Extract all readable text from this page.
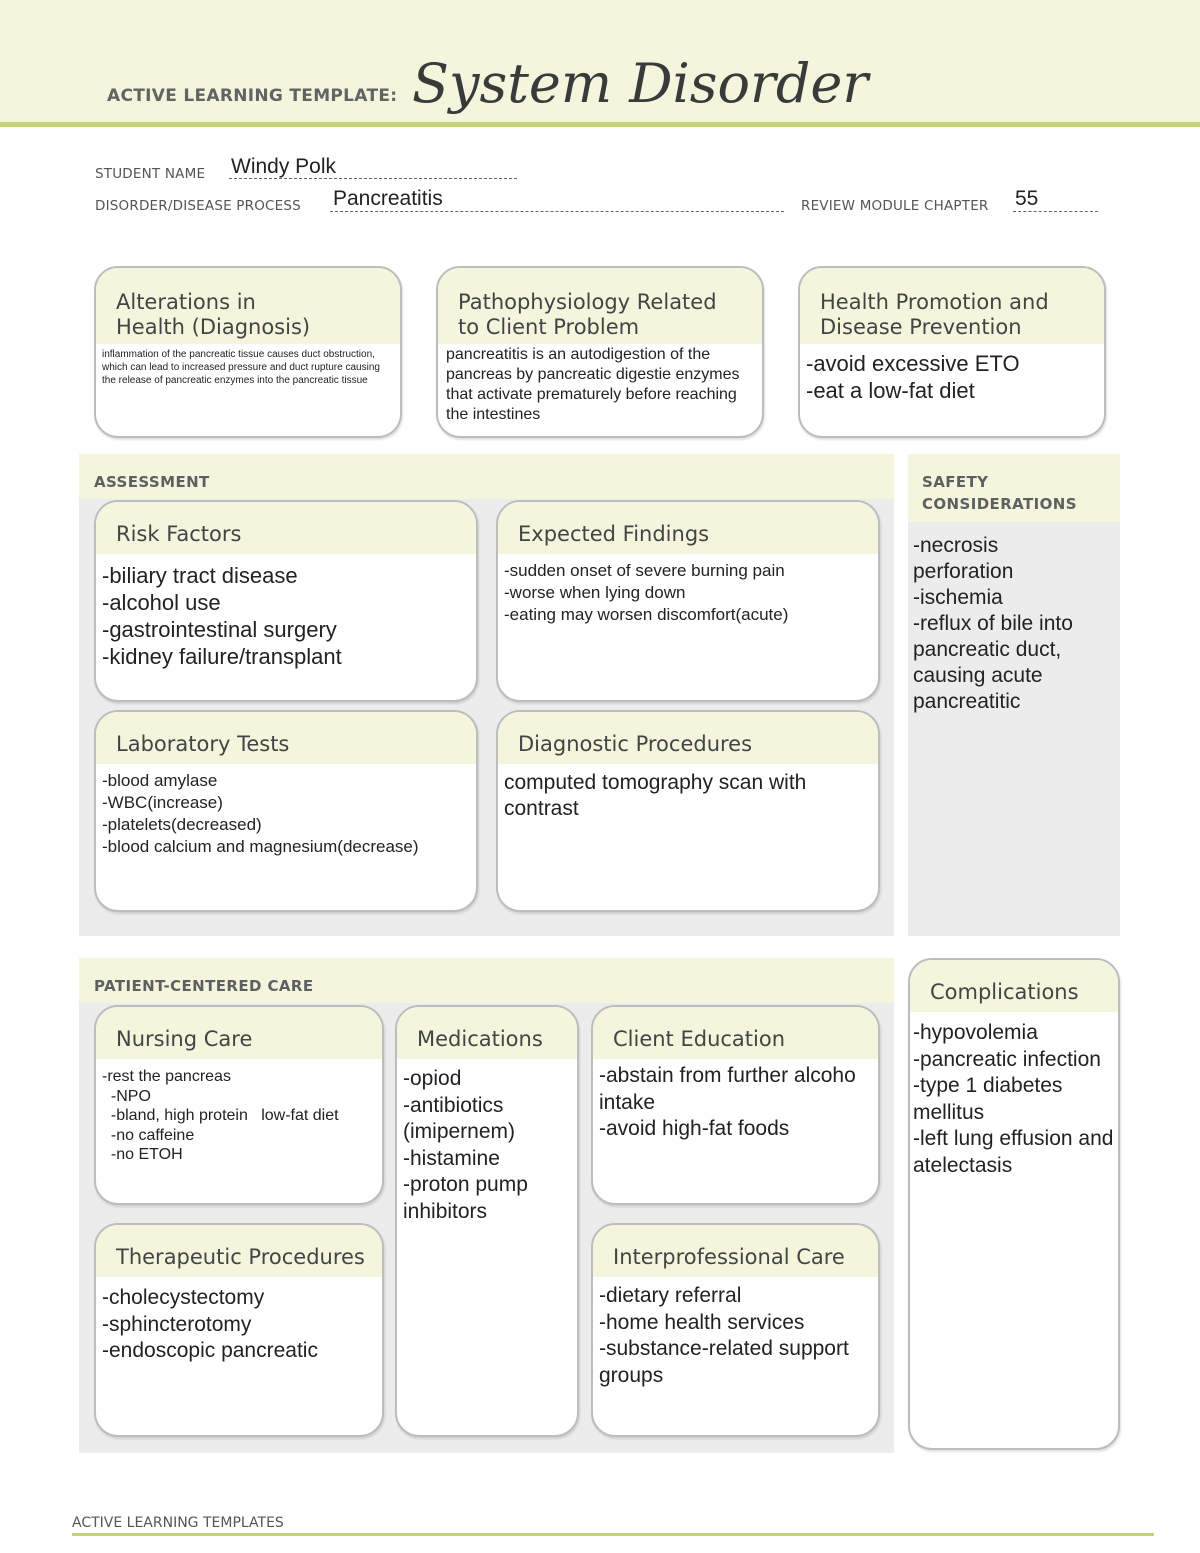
ACTIVE LEARNING TEMPLATE: System Disorder
STUDENT NAME Windy Polk
DISORDER/DISEASE PROCESS Pancreatitis	REVIEW MODULE CHAPTER 55
Alterations in
Health (Diagnosis)
inflammation of the pancreatic tissue causes duct obstruction, which can lead to increased pressure and duct rupture causing the release of pancreatic enzymes into the pancreatic tissue
Pathophysiology Related
to Client Problem
pancreatitis is an autodigestion of the pancreas by pancreatic digestie enzymes that activate prematurely before reaching the intestines
Health Promotion and
Disease Prevention
-avoid excessive ETO
-eat a low-fat diet
ASSESSMENT
Risk Factors
-biliary tract disease
-alcohol use
-gastrointestinal surgery
-kidney failure/transplant
Expected Findings
-sudden onset of severe burning pain
-worse when lying down
-eating may worsen discomfort(acute)
Laboratory Tests
-blood amylase
-WBC(increase)
-platelets(decreased)
-blood calcium and magnesium(decrease)
Diagnostic Procedures
computed tomography scan with contrast
SAFETY
CONSIDERATIONS
-necrosis
perforation
-ischemia
-reflux of bile into pancreatic duct, causing acute pancreatitic
PATIENT-CENTERED CARE
Nursing Care
-rest the pancreas
-NPO
-bland, high protein   low-fat diet
-no caffeine
-no ETOH
Medications
-opiod
-antibiotics (imipernem)
-histamine
-proton pump inhibitors
Client Education
-abstain from further alcoho intake
-avoid high-fat foods
Therapeutic Procedures
-cholecystectomy
-sphincterotomy
-endoscopic pancreatic
Interprofessional Care
-dietary referral
-home health services
-substance-related support groups
Complications
-hypovolemia
-pancreatic infection
-type 1 diabetes mellitus
-left lung effusion and atelectasis
ACTIVE LEARNING TEMPLATES
